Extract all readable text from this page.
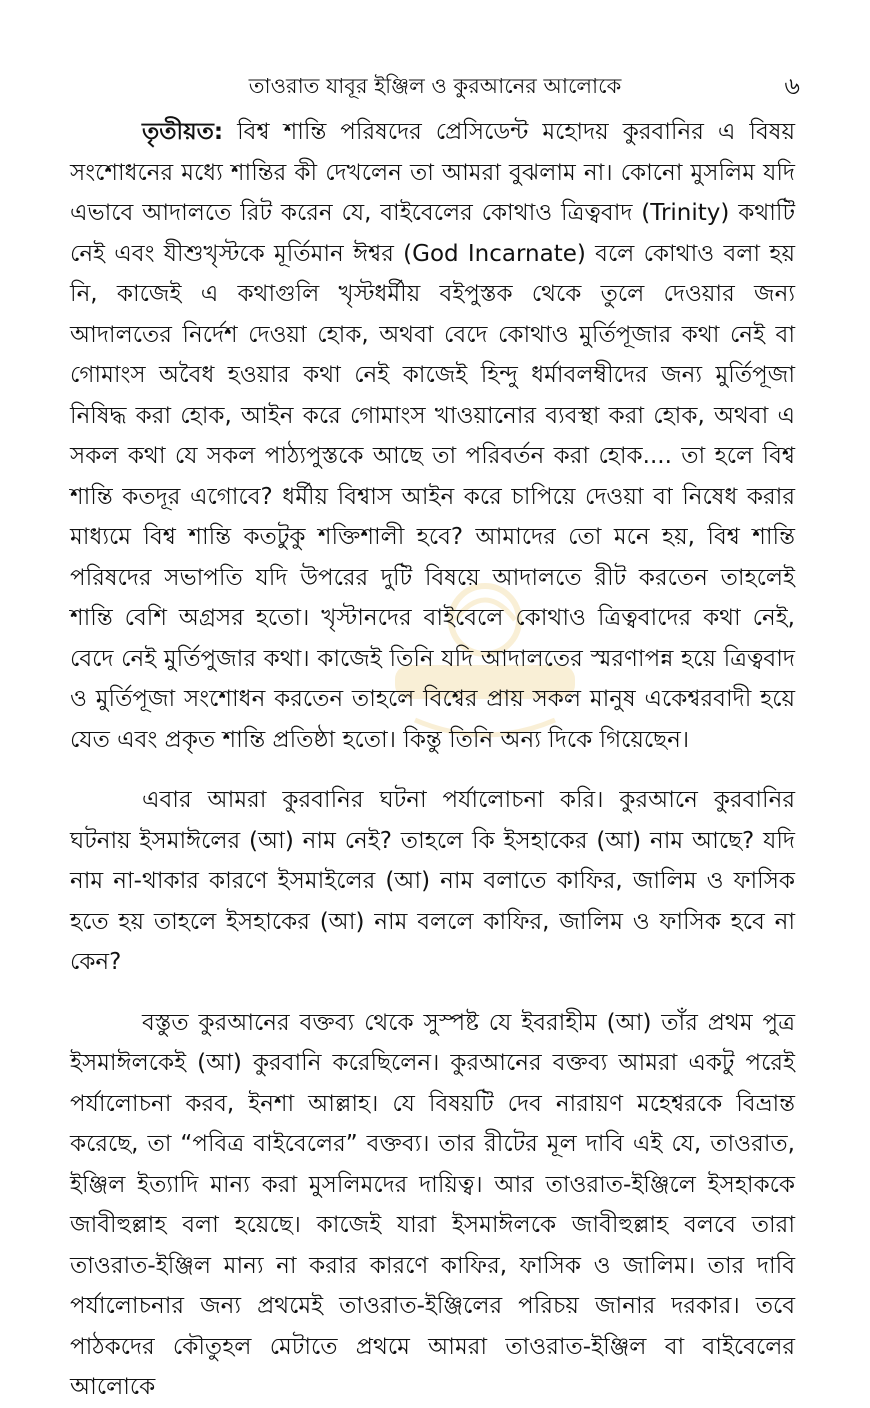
তাওরাত যাবূর ইঞ্জিল ও কুরআনের আলোকে	৬

তৃতীয়ত: বিশ্ব শান্তি পরিষদের প্রেসিডেন্ট মহোদয় কুরবানির এ বিষয় সংশোধনের মধ্যে শান্তির কী দেখলেন তা আমরা বুঝলাম না। কোনো মুসলিম যদি এভাবে আদালতে রিট করেন যে, বাইবেলের কোথাও ত্রিত্ববাদ (Trinity) কথাটি নেই এবং যীশুখৃস্টকে মূর্তিমান ঈশ্বর (God Incarnate) বলে কোথাও বলা হয় নি, কাজেই এ কথাগুলি খৃস্টধর্মীয় বইপুস্তক থেকে তুলে দেওয়ার জন্য আদালতের নির্দেশ দেওয়া হোক, অথবা বেদে কোথাও মুর্তিপূজার কথা নেই বা গোমাংস অবৈধ হওয়ার কথা নেই কাজেই হিন্দু ধর্মাবলম্বীদের জন্য মুর্তিপূজা নিষিদ্ধ করা হোক, আইন করে গোমাংস খাওয়ানোর ব্যবস্থা করা হোক, অথবা এ সকল কথা যে সকল পাঠ্যপুস্তকে আছে তা পরিবর্তন করা হোক.... তা হলে বিশ্ব শান্তি কতদূর এগোবে? ধর্মীয় বিশ্বাস আইন করে চাপিয়ে দেওয়া বা নিষেধ করার মাধ্যমে বিশ্ব শান্তি কতটুকু শক্তিশালী হবে? আমাদের তো মনে হয়, বিশ্ব শান্তি পরিষদের সভাপতি যদি উপরের দুটি বিষয়ে আদালতে রীট করতেন তাহলেই শান্তি বেশি অগ্রসর হতো। খৃস্টানদের বাইবেলে কোথাও ত্রিত্ববাদের কথা নেই, বেদে নেই মুর্তিপুজার কথা। কাজেই তিনি যদি আদালতের স্মরণাপন্ন হয়ে ত্রিত্ববাদ ও মুর্তিপূজা সংশোধন করতেন তাহলে বিশ্বের প্রায় সকল মানুষ একেশ্বরবাদী হয়ে যেত এবং প্রকৃত শান্তি প্রতিষ্ঠা হতো। কিন্তু তিনি অন্য দিকে গিয়েছেন।

এবার আমরা কুরবানির ঘটনা পর্যালোচনা করি। কুরআনে কুরবানির ঘটনায় ইসমাঈলের (আ) নাম নেই? তাহলে কি ইসহাকের (আ) নাম আছে? যদি নাম না-থাকার কারণে ইসমাইলের (আ) নাম বলাতে কাফির, জালিম ও ফাসিক হতে হয় তাহলে ইসহাকের (আ) নাম বললে কাফির, জালিম ও ফাসিক হবে না কেন?

বস্তুত কুরআনের বক্তব্য থেকে সুস্পষ্ট যে ইবরাহীম (আ) তাঁর প্রথম পুত্র ইসমাঈলকেই (আ) কুরবানি করেছিলেন। কুরআনের বক্তব্য আমরা একটু পরেই পর্যালোচনা করব, ইনশা আল্লাহ। যে বিষয়টি দেব নারায়ণ মহেশ্বরকে বিভ্রান্ত করেছে, তা “পবিত্র বাইবেলের” বক্তব্য। তার রীটের মূল দাবি এই যে, তাওরাত, ইঞ্জিল ইত্যাদি মান্য করা মুসলিমদের দায়িত্ব। আর তাওরাত-ইঞ্জিলে ইসহাককে জাবীহুল্লাহ বলা হয়েছে। কাজেই যারা ইসমাঈলকে জাবীহুল্লাহ বলবে তারা তাওরাত-ইঞ্জিল মান্য না করার কারণে কাফির, ফাসিক ও জালিম। তার দাবি পর্যালোচনার জন্য প্রথমেই তাওরাত-ইঞ্জিলের পরিচয় জানার দরকার। তবে পাঠকদের কৌতুহল মেটাতে প্রথমে আমরা তাওরাত-ইঞ্জিল বা বাইবেলের আলোকে
